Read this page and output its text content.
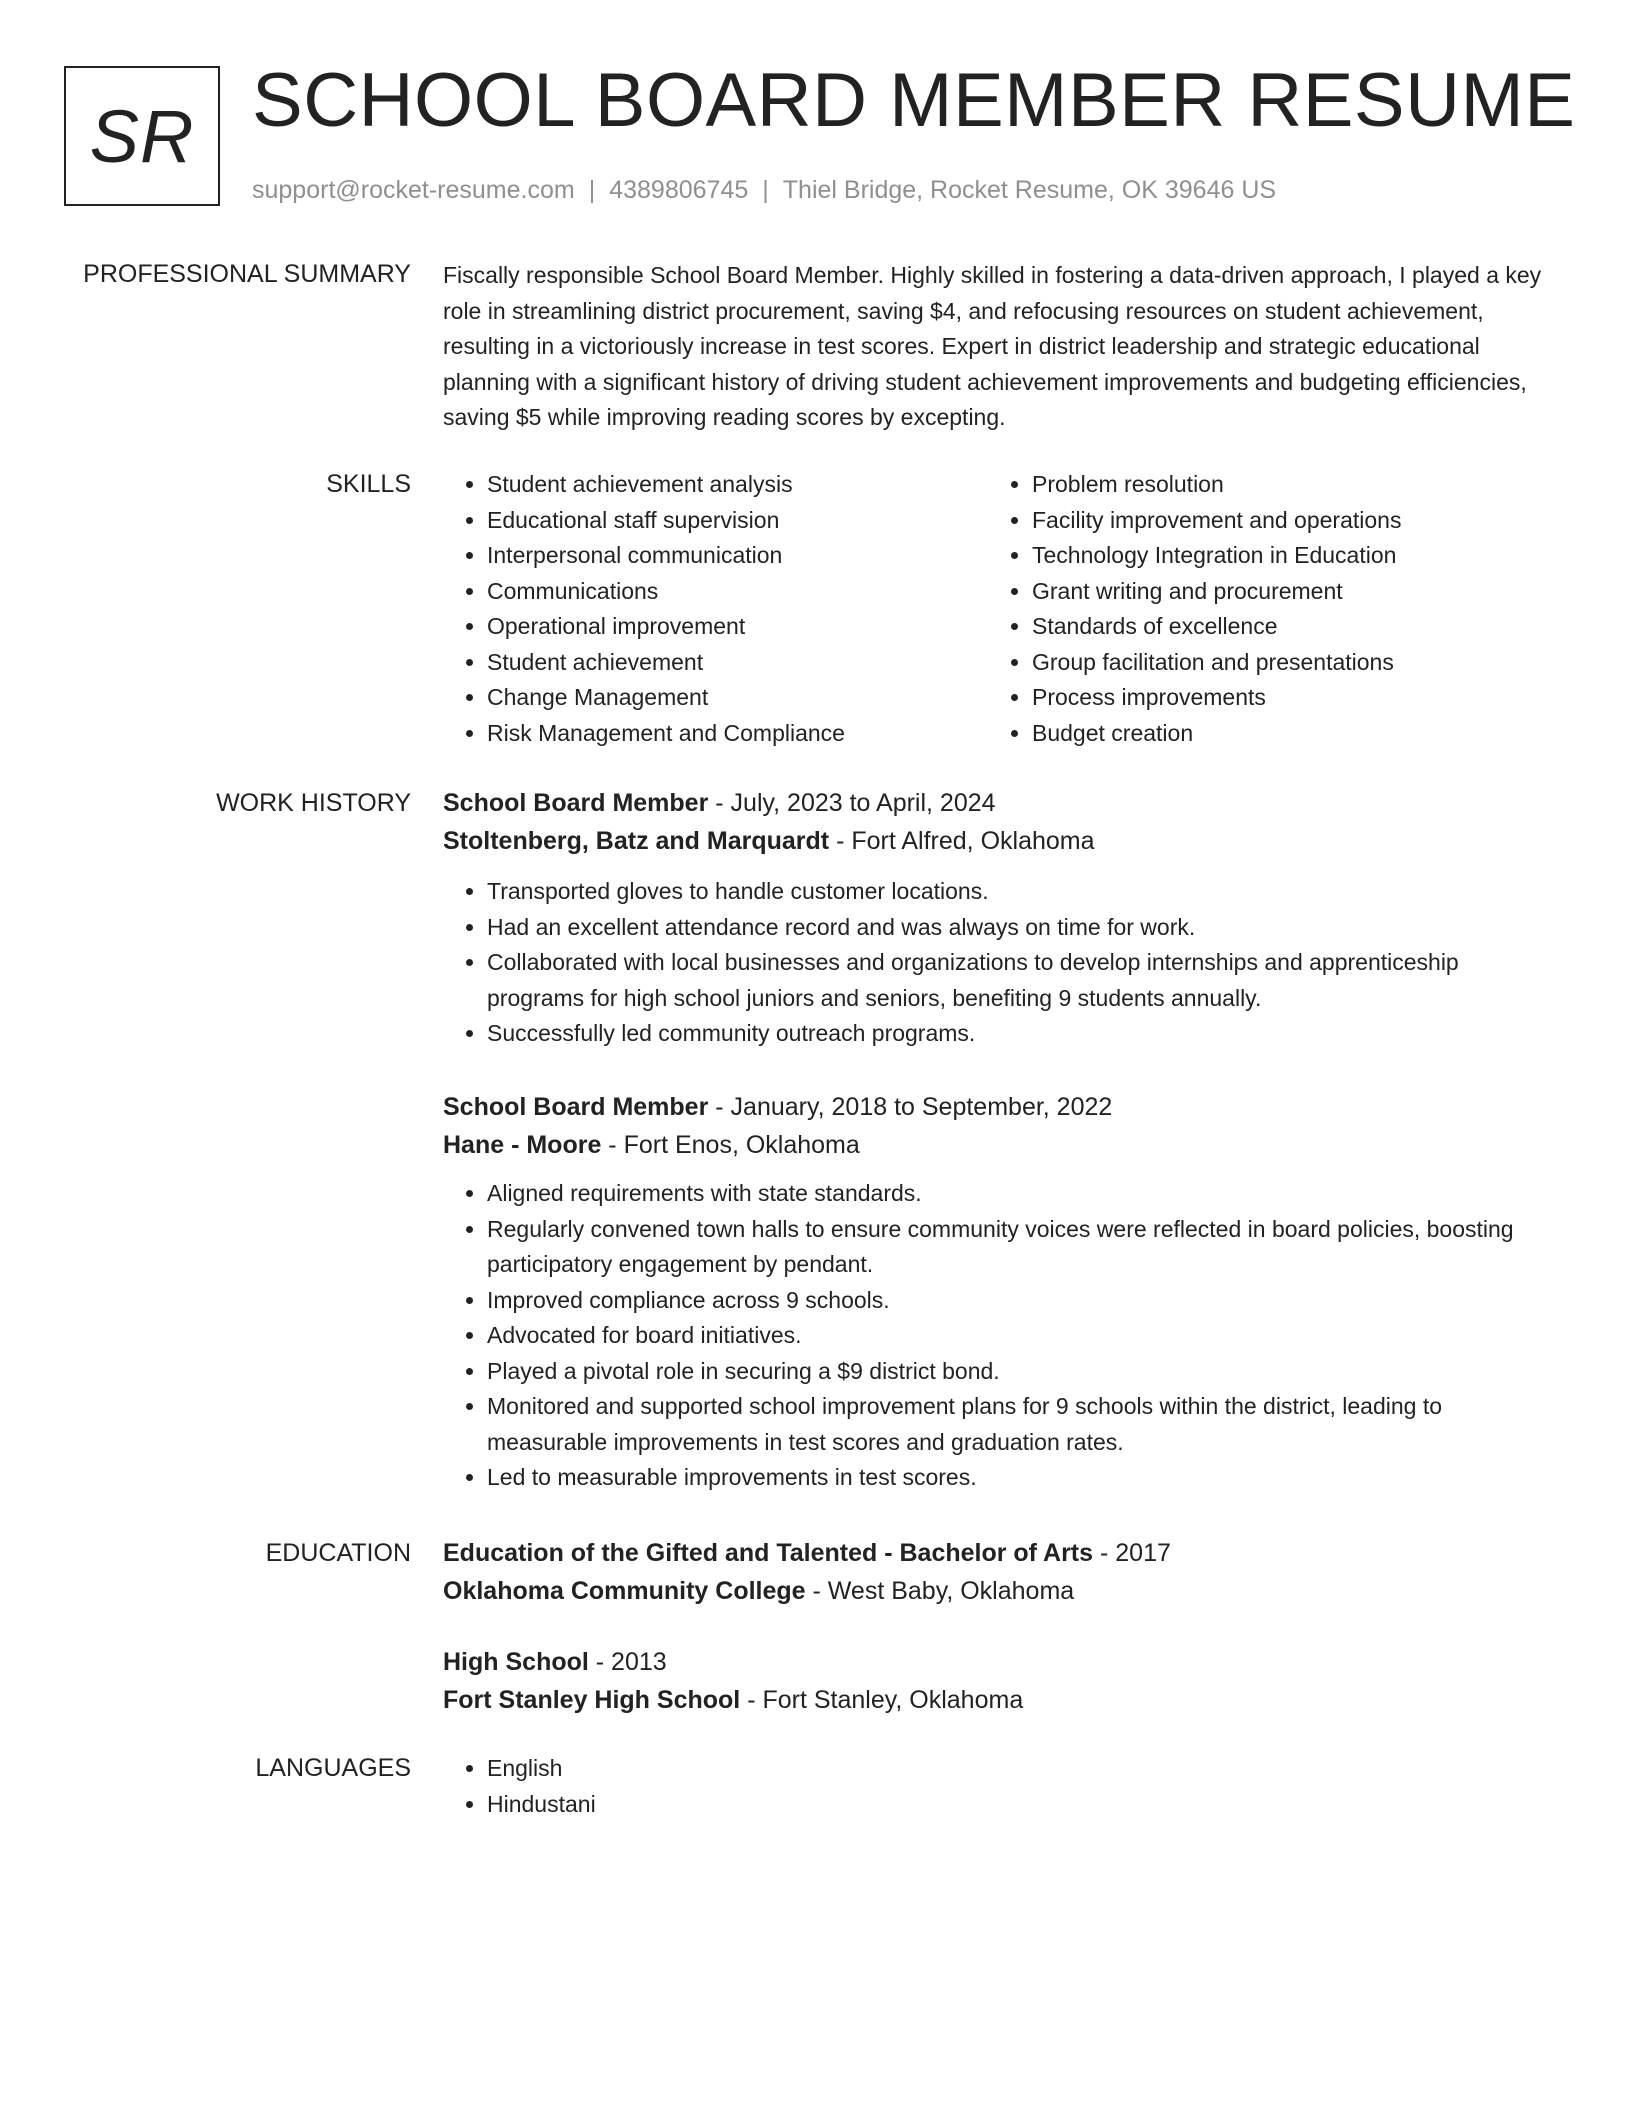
SR SCHOOL BOARD MEMBER RESUME
support@rocket-resume.com | 4389806745 | Thiel Bridge, Rocket Resume, OK 39646 US
PROFESSIONAL SUMMARY Fiscally responsible School Board Member. Highly skilled in fostering a data-driven approach, I played a key role in streamlining district procurement, saving $4, and refocusing resources on student achievement, resulting in a victoriously increase in test scores. Expert in district leadership and strategic educational planning with a significant history of driving student achievement improvements and budgeting efficiencies, saving $5 while improving reading scores by excepting.

SKILLS	• Student achievement analysis
• Educational staff supervision
• Interpersonal communication
• Communications
• Operational improvement
• Student achievement
• Change Management
• Risk Management and Compliance
• Problem resolution
• Facility improvement and operations
• Technology Integration in Education
• Grant writing and procurement
• Standards of excellence
• Group facilitation and presentations
• Process improvements
• Budget creation
WORK HISTORY School Board Member - July, 2023 to April, 2024

Stoltenberg, Batz and Marquardt - Fort Alfred, Oklahoma

• Transported gloves to handle customer locations.
• Had an excellent attendance record and was always on time for work.
• Collaborated with local businesses and organizations to develop internships and apprenticeship programs for high school juniors and seniors, benefiting 9 students annually.
• Successfully led community outreach programs.

School Board Member - January, 2018 to September, 2022

Hane - Moore - Fort Enos, Oklahoma

• Aligned requirements with state standards.
• Regularly convened town halls to ensure community voices were reflected in board policies, boosting participatory engagement by pendant.
• Improved compliance across 9 schools.
• Advocated for board initiatives.
• Played a pivotal role in securing a $9 district bond.
• Monitored and supported school improvement plans for 9 schools within the district, leading to measurable improvements in test scores and graduation rates.
• Led to measurable improvements in test scores.
EDUCATION Education of the Gifted and Talented - Bachelor of Arts - 2017

Oklahoma Community College - West Baby, Oklahoma

High School - 2013

Fort Stanley High School - Fort Stanley, Oklahoma

LANGUAGES	• English
• Hindustani
